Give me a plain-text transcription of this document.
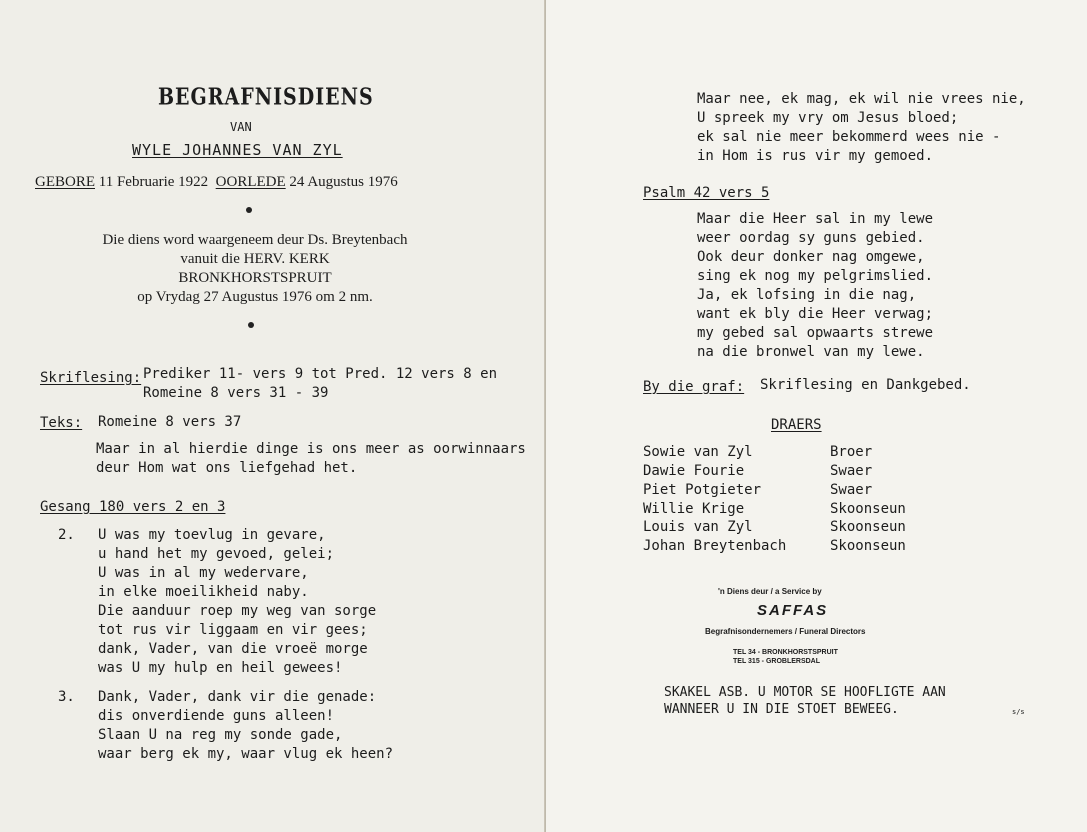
BEGRAFNISDIENS
VAN
WYLE JOHANNES VAN ZYL
GEBORE 11 Februarie 1922 OORLEDE 24 Augustus 1976
Die diens word waargeneem deur Ds. Breytenbach
vanuit die HERV. KERK
BRONKHORSTSPRUIT
op Vrydag 27 Augustus 1976 om 2 nm.
Skriflesing: Prediker 11- vers 9 tot Pred. 12 vers 8 en
Romeine 8 vers 31 - 39
Teks: Romeine 8 vers 37
Maar in al hierdie dinge is ons meer as oorwinnaars
deur Hom wat ons liefgehad het.
Gesang 180 vers 2 en 3
2. U was my toevlug in gevare,
u hand het my gevoed, gelei;
U was in al my wedervare,
in elke moeilikheid naby.
Die aanduur roep my weg van sorge
tot rus vir liggaam en vir gees;
dank, Vader, van die vroeë morge
was U my hulp en heil gewees!
3. Dank, Vader, dank vir die genade:
dis onverdiende guns alleen!
Slaan U na reg my sonde gade,
waar berg ek my, waar vlug ek heen?
Maar nee, ek mag, ek wil nie vrees nie,
U spreek my vry om Jesus bloed;
ek sal nie meer bekommerd wees nie -
in Hom is rus vir my gemoed.
Psalm 42 vers 5
Maar die Heer sal in my lewe
weer oordag sy guns gebied.
Ook deur donker nag omgewe,
sing ek nog my pelgrimslied.
Ja, ek lofsing in die nag,
want ek bly die Heer verwag;
my gebed sal opwaarts strewe
na die bronwel van my lewe.
By die graf: Skriflesing en Dankgebed.
DRAERS
Sowie van Zyl	Broer
Dawie Fourie	Swaer
Piet Potgieter	Swaer
Willie Krige	Skoonseun
Louis van Zyl	Skoonseun
Johan Breytenbach	Skoonseun
'n Diens deur / a Service by
SAFFAS
Begrafnisondernemers / Funeral Directors
TEL 34 - BRONKHORSTSPRUIT
TEL 315 - GROBLERSDAL
SKAKEL ASB. U MOTOR SE HOOFLIGTE AAN
WANNEER U IN DIE STOET BEWEEG.	s/s
